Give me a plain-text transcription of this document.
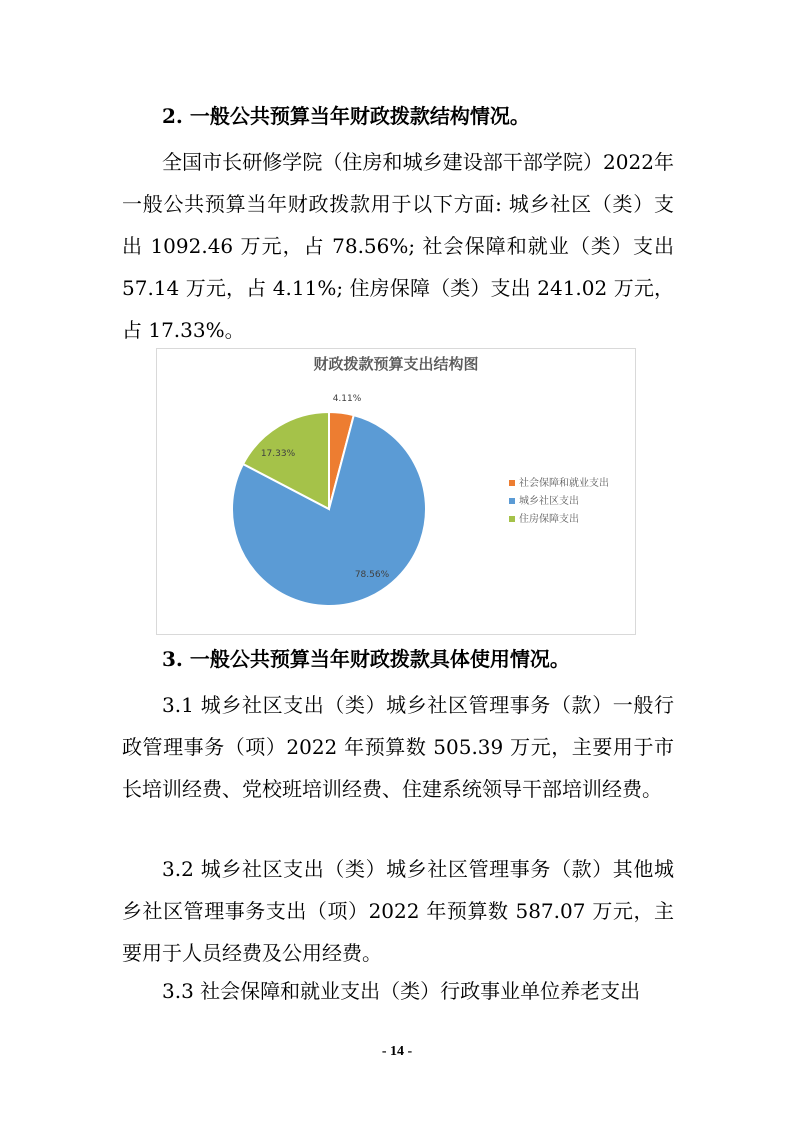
2. 一般公共预算当年财政拨款结构情况。

全国市长研修学院（住房和城乡建设部干部学院）2022年一般公共预算当年财政拨款用于以下方面: 城乡社区（类）支出 1092.46 万元，占 78.56%; 社会保障和就业（类）支出 57.14 万元，占 4.11%; 住房保障（类）支出 241.02 万元，占 17.33%。

财政拨款预算支出结构图
4.11%
78.56%
17.33%
社会保障和就业支出
城乡社区支出
住房保障支出
3. 一般公共预算当年财政拨款具体使用情况。

3.1 城乡社区支出（类）城乡社区管理事务（款）一般行政管理事务（项）2022 年预算数 505.39 万元，主要用于市长培训经费、党校班培训经费、住建系统领导干部培训经费。

3.2 城乡社区支出（类）城乡社区管理事务（款）其他城乡社区管理事务支出（项）2022 年预算数 587.07 万元，主要用于人员经费及公用经费。

3.3 社会保障和就业支出（类）行政事业单位养老支出

- 14 -
